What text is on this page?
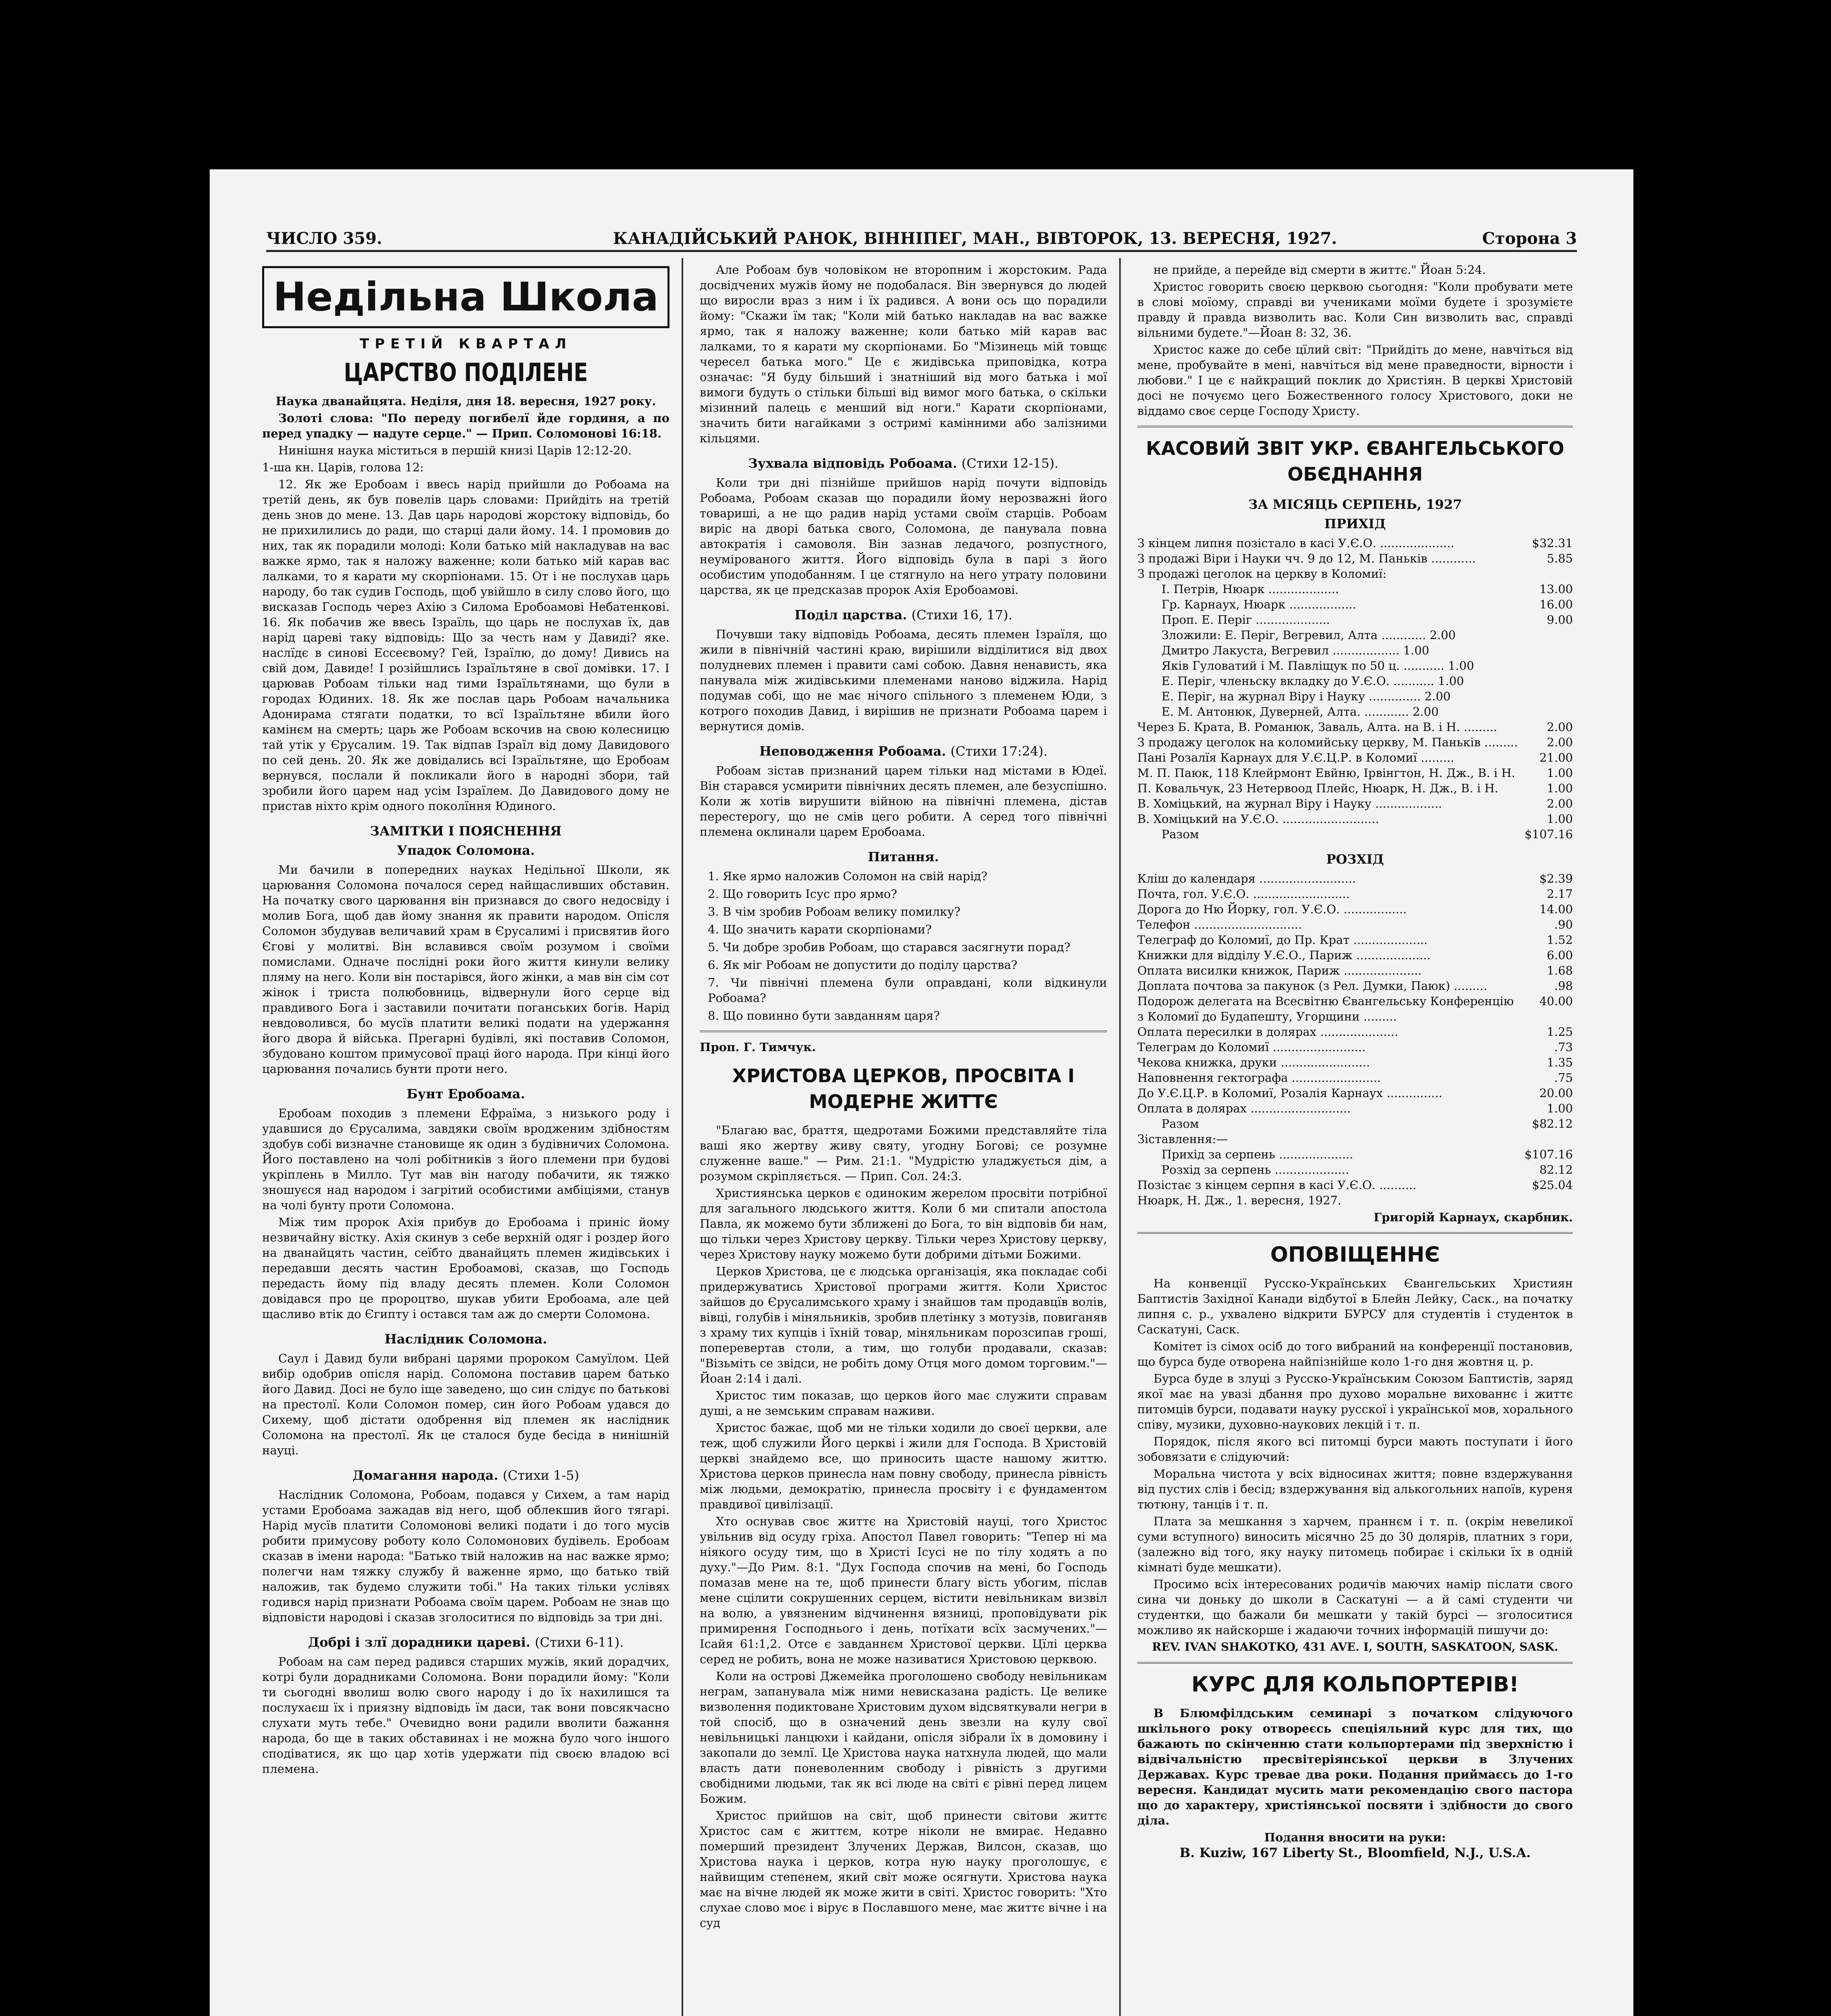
ЧИСЛО 359.	КАНАДІЙСЬКИЙ РАНОК, ВІННІПЕГ, МАН., ВІВТОРОК, 13. ВЕРЕСНЯ, 1927.	Сторона 3
Недільна Школа
ТРЕТІЙ КВАРТАЛ
ЦАРСТВО ПОДІЛЕНЕ

Наука дванайцята. Неділя, дня 18. вересня, 1927 року.

Золоті слова: "По переду погибелї йде гординя, а по перед упадку — надуте серце." — Прип. Соломонові 16:18.

Нинішня наука міститься в першій книзі Царів 12:12-20.

1-ша кн. Царів, голова 12:

12. Як же Еробоам і ввесь нарід прийшли до Робоама на третій день, як був повелів царь словами: Прийдіть на третій день знов до мене. 13. Дав царь народові жорстоку відповідь, бо не прихилились до ради, що старці дали йому. 14. І промовив до них, так як порадили молоді: Коли батько мій накладував на вас важке ярмо, так я наложу важенне; коли батько мій карав вас лалками, то я карати му скорпіонами. 15. От і не послухав царь народу, бо так судив Господь, щоб увійшло в силу слово його, що висказав Господь через Ахію з Силома Еробоамові Небатенкові. 16. Як побачив же ввесь Ізраїль, що царь не послухав їх, дав нарід цареві таку відповідь: Що за честь нам у Давиді? яке. наслїдє в синові Ессеєвому? Гей, Ізраїлю, до дому! Дивись на свій дом, Давиде! І розійшлись Ізраїльтяне в свої домівки. 17. І царював Робоам тільки над тими Ізраїльтянами, що були в городах Юдиних. 18. Як же послав царь Робоам начальника Адонирама стягати податки, то всї Ізраїльтяне вбили його камінєм на смерть; царь же Робоам вскочив на свою колесницю тай утік у Єрусалим. 19. Так відпав Ізраїл від дому Давидового по сей день. 20. Як же довідались всі Ізраїльтяне, що Еробоам вернувся, послали й покликали його в народні збори, тай зробили його царем над усім Ізраїлем. До Давидового дому не пристав ніхто крім одного поколїння Юдиного.

ЗАМІТКИ І ПОЯСНЕННЯ
Упадок Соломона.

Ми бачили в попередних науках Недільної Школи, як царювання Соломона почалося серед найщасливших обставин. На початку свого царювання він признався до свого недосвіду і молив Бога, щоб дав йому знання як правити народом. Опісля Соломон збудував величавий храм в Єрусалимі і присвятив його Єгові у молитві. Він вславився своїм розумом і своїми помислами. Одначе послідні роки його життя кинули велику пляму на него. Коли він постарівся, його жінки, а мав він сім сот жінок і триста полюбовниць, відвернули його серце від правдивого Бога і заставили почитати поганських богів. Нарід невдоволився, бо мусїв платити великі подати на удержання його двора й війська. Прегарні будівлі, які поставив Соломон, збудовано коштом примусової праці його народа. При кінці його царювання почались бунти проти него.

Бунт Еробоама.

Еробоам походив з племени Ефраїма, з низького роду і удавшися до Єрусалима, завдяки своїм вродженим здібностям здобув собі визначне становище як один з будівничих Соломона. Його поставлено на чолі робітників з його племени при будові укріплень в Милло. Тут мав він нагоду побачити, як тяжко зношуєся над народом і загрітий особистими амбіціями, станув на чолі бунту проти Соломона.

Між тим пророк Ахія прибув до Еробоама і приніс йому незвичайну вістку. Ахія скинув з себе верхній одяг і роздер його на дванайцять частин, сеїбто дванайцять племен жидівських і передавши десять частин Еробоамові, сказав, що Господь передасть йому під владу десять племен. Коли Соломон довідався про це пророцтво, шукав убити Еробоама, але цей щасливо втік до Єгипту і остався там аж до смерти Соломона.

Наслідник Соломона.

Саул і Давид були вибрані царями пророком Самуїлом. Цей вибір одобрив опісля нарід. Соломона поставив царем батько його Давид. Досі не було іще заведено, що син слідує по батькові на престолї. Коли Соломон помер, син його Робоам удався до Сихему, щоб дістати одобрення від племен як наслідник Соломона на престолї. Як це сталося буде бесіда в нинішній науці.

Домагання народа. (Стихи 1-5)

Наслідник Соломона, Робоам, подався у Сихем, а там нарід устами Еробоама зажадав від него, щоб облекшив його тягарі. Нарід мусїв платити Соломонові великі подати і до того мусів робити примусову роботу коло Соломонових будівель. Еробоам сказав в імени народа: "Батько твій наложив на нас важке ярмо; полегчи нам тяжку службу й важенне ярмо, що батько твій наложив, так будемо служити тобі." На таких тільки услівях годився нарід признати Робоама своїм царем. Робоам не знав що відповісти народові і сказав зголоситися по відповідь за три дні.

Добрі і злї дорадники цареві. (Стихи 6-11).

Робоам на сам перед радився старших мужів, який дорадчих, котрі були дорадниками Соломона. Вони порадили йому: "Коли ти сьогодні вволиш волю свого народу і до їх нахилишся та послухаєш їх і приязну відповідь їм даси, так вони повсякчасно слухати муть тебе." Очевидно вони радили вволити бажання народа, бо ще в таких обставинах і не можна було чого іншого сподіватися, як що цар хотів удержати під своєю владою всі племена.

Але Робоам був чоловіком не второпним і жорстоким. Рада досвідчених мужів йому не подобалася. Він звернувся до людей що виросли враз з ним і їх радився. А вони ось що порадили йому: "Скажи їм так; "Коли мій батько накладав на вас важке ярмо, так я наложу важенне; коли батько мій карав вас лалками, то я карати му скорпіонами. Бо "Мізинець мій товщє чересел батька мого." Це є жидівська приповідка, котра означає: "Я буду більший і знатніший від мого батька і мої вимоги будуть о стільки більші від вимог мого батька, о скільки мізинний палець є менший від ноги." Карати скорпіонами, значить бити нагайками з остримі камінними або залізними кільцями.

Зухвала відповідь Робоама. (Стихи 12-15).

Коли три дні пізнійше прийшов нарід почути відповідь Робоама, Робоам сказав що порадили йому нерозважні його товариші, а не що радив нарід устами своїм старців. Робоам виріс на дворі батька свого, Соломона, де панувала повна автократія і самоволя. Він зазнав ледачого, розпустного, неумірованого життя. Його відповідь була в парі з його особистим уподобанням. І це стягнуло на него утрату половини царства, як це предсказав пророк Ахія Еробоамові.

Поділ царства. (Стихи 16, 17).

Почувши таку відповідь Робоама, десять племен Ізраїля, що жили в північній частині краю, вирішили відділитися від двох полудневих племен і правити самі собою. Давня ненависть, яка панувала між жидівськими племенами наново віджила. Нарід подумав собі, що не має нічого спільного з племенем Юди, з котрого походив Давид, і вирішив не признати Робоама царем і вернутися домів.

Неповодження Робоама. (Стихи 17:24).

Робоам зістав признаний царем тільки над містами в Юдеї. Він старався усмирити північних десять племен, але безуспішно. Коли ж хотів вирушити війною на північні племена, дістав перестерогу, що не смів цего робити. А серед того північні племена оклинали царем Еробоама.

Питання.

1. Яке ярмо наложив Соломон на свій нарід?

2. Що говорить Ісус про ярмо?

3. В чім зробив Робоам велику помилку?

4. Що значить карати скорпіонами?

5. Чи добре зробив Робоам, що старався засягнути порад?

6. Як міг Робоам не допустити до поділу царства?

7. Чи північні племена були оправдані, коли відкинули Робоама?

8. Що повинно бути завданням царя?

Проп. Г. Тимчук.

ХРИСТОВА ЦЕРКОВ, ПРОСВІТА І МОДЕРНЕ ЖИТТЄ

"Благаю вас, браття, щедротами Божими представляйте тіла ваші яко жертву живу святу, угодну Богові; се розумне служенне ваше." — Рим. 21:1. "Мудрістю уладжується дім, а розумом скріпляється. — Прип. Сол. 24:3.

Християнська церков є одиноким жерелом просвіти потрібної для загального людського життя. Коли б ми спитали апостола Павла, як можемо бути зближені до Бога, то він відповів би нам, що тільки через Христову церкву. Тільки через Христову церкву, через Христову науку можемо бути добрими дітьми Божими.

Церков Христова, це є людська організація, яка покладає собі придержуватись Христової програми життя. Коли Христос зайшов до Єрусалимського храму і знайшов там продавцїв волів, вівці, голубів і міняльників, зробив плетінку з мотузів, повиганяв з храму тих купців і їхній товар, міняльникам порозсипав гроші, поперевертав столи, а тим, що голуби продавали, сказав: "Візьміть се звідси, не робіть дому Отця мого домом торговим."—Йоан 2:14 і далі.

Христос тим показав, що церков його має служити справам душі, а не земським справам наживи.

Христос бажає, щоб ми не тільки ходили до своєї церкви, але теж, щоб служили Його церкві і жили для Господа. В Христовій церкві знайдемо все, що приносить щасте нашому життю. Христова церков принесла нам повну свободу, принесла рівність між людьми, демократію, принесла просвіту і є фундаментом правдивої цивілізації.

Хто оснував своє життє на Христовій науці, того Христос увільнив від осуду гріха. Апостол Павел говорить: "Тепер ні ма ніякого осуду тим, що в Христі Ісусі не по тілу ходять а по духу."—До Рим. 8:1. "Дух Господа спочив на мені, бо Господь помазав мене на те, щоб принести благу вість убогим, післав мене сцілити сокрушенних серцем, вістити невільникам визвіл на волю, а увязненим відчинення вязниці, проповідувати рік примирення Господнього і день, потїхати всїх засмучених."—Ісайя 61:1,2. Отсе є завданнєм Христової церкви. Цїлі церква серед не робить, вона не може називатися Христовою церквою.

Коли на острові Джемейка проголошено свободу невільникам неграм, запанувала між ними невисказана радість. Це велике визволення подиктоване Христовим духом відсвяткували негри в той спосіб, що в означений день звезли на кулу свої невільницькі ланцюхи і кайдани, опісля зібрали їх в домовину і закопали до землї. Це Христова наука натхнула людей, що мали власть дати поневоленним свободу і рівність з другими свобідними людьми, так як всі люде на світі є рівні перед лицем Божим.

Христос прийшов на світ, щоб принести світови життє Христос сам є життєм, котре ніколи не вмирає. Недавно померший президент Злучених Держав, Вилсон, сказав, що Христова наука і церков, котра ную науку проголошує, є найвищим степенем, який світ може осягнути. Христова наука має на вічне людей як може жити в світі. Христос говорить: "Хто слухае слово моє і вірує в Пославшого мене, має життє вічне і на суд

не прийде, а перейде від смерти в життє." Йоан 5:24.

Христос говорить своєю церквою сьогодня: "Коли пробувати мете в слові моїому, справді ви учениками моїми будете і зрозумієте правду й правда визволить вас. Коли Син визволить вас, справді вільними будете."—Йоан 8: 32, 36.

Христос каже до себе цїлий світ: "Прийдіть до мене, навчіться від мене, пробувайте в мені, навчіться від мене праведности, вірности і любови." І це є найкращий поклик до Христіян. В церкві Христовій досі не почуємо цего Божественного голосу Христового, доки не віддамо своє серце Господу Христу.

КАСОВИЙ ЗВІТ УКР. ЄВАНГЕЛЬСЬКОГО ОБЄДНАННЯ
ЗА МІСЯЦЬ СЕРПЕНЬ, 1927
ПРИХІД
З кінцем липня позістало в касі У.Є.О. ....................	$32.31
З продажі Віри і Науки чч. 9 до 12, М. Паньків ............	5.85
З продажі цеголок на церкву в Коломиї:
І. Петрів, Нюарк ...................	13.00
Гр. Карнаух, Нюарк ..................	16.00
Проп. Е. Періг ....................	9.00
Зложили: Е. Періг, Вегревил, Алта ............ 2.00
Дмитро Лакуста, Вегревил .................. 1.00
Яків Гуловатий і М. Павліщук по 50 ц. ........... 1.00
Е. Періг, членьску вкладку до У.Є.О. ........... 1.00
Е. Періг, на журнал Віру і Науку .............. 2.00
Е. М. Антонюк, Дуверней, Алта. ............ 2.00
Через Б. Крата, В. Романюк, Заваль, Алта. на В. і Н. .........	2.00
З продажу цеголок на коломийську церкву, М. Паньків .........	2.00
Пані Розалїя Карнаух для У.Є.Ц.Р. в Коломиї .........	21.00
М. П. Паюк, 118 Клейрмонт Евйню, Ірвінгтон, Н. Дж., В. і Н.	1.00
П. Ковальчук, 23 Нетервоод Плейс, Нюарк, Н. Дж., В. і Н.	1.00
В. Хоміцький, на журнал Віру і Науку ..................	2.00
В. Хоміцький на У.Є.О. ..........................	1.00
Разом	$107.16
РОЗХІД
Кліш до календаря ..........................	$2.39
Почта, гол. У.Є.О. ..........................	2.17
Дорога до Ню Йорку, гол. У.Є.О. .................	14.00
Телефон .............................	.90
Телеграф до Коломиї, до Пр. Крат ....................	1.52
Книжки для відділу У.Є.О., Париж ....................	6.00
Оплата висилки книжок, Париж .....................	1.68
Доплата почтова за пакунок (з Рел. Думки, Паюк) .........	.98
Подорож делегата на Всесвітню Євангельську Конференцію з Коломиї до Будапешту, Угорщини .........
40.00
Оплата пересилки в долярах .....................	1.25
Телеграм до Коломиї .........................	.73
Чекова книжка, друки ........................	1.35
Наповнення гектографа ........................	.75
До У.Є.Ц.Р. в Коломиї, Розалія Карнаух ...............	20.00
Оплата в долярах ...........................	1.00
Разом	$82.12
Зіставлення:—
Прихід за серпень ....................	$107.16
Розхід за серпень ....................	82.12
Позістає з кінцем серпня в касі У.Є.О. ..........	$25.04

Нюарк, Н. Дж., 1. вересня, 1927.

Григорій Карнаух, скарбник.

ОПОВІЩЕННЄ

На конвенції Русско-Українських Євангельських Християн Баптистів Західної Канади відбутої в Блейн Лейку, Саск., на початку липня с. р., ухвалено відкрити БУРСУ для студентів і студенток в Саскатуні, Саск.

Комітет із сімох осіб до того вибраний на конференції постановив, що бурса буде отворена найпізнійше коло 1-го дня жовтня ц. р.

Бурса буде в злуці з Русско-Українським Союзом Баптистів, заряд якої має на увазі дбання про духово моральне вихованнє і життє питомців бурси, подавати науку русскої і української мов, хорального співу, музики, духовно-наукових лекцій і т. п.

Порядок, після якого всі питомці бурси мають поступати і його зобовязати є слідуючий:

Моральна чистота у всіх відносинах життя; повне вздержування від пустих слів і бесід; вздержування від алькогольних напоїв, куреня тютюну, танців і т. п.

Плата за мешкання з харчем, праннєм і т. п. (окрім невеликої суми вступного) виносить місячно 25 до 30 долярів, платних з гори, (залежно від того, яку науку питомець побирає і скільки їх в одній кімнаті буде мешкати).

Просимо всіх інтересованих родичів маючих намір післати свого сина чи доньку до школи в Саскатуні — а й самі студенти чи студентки, що бажали би мешкати у такій бурсі — зголоситися можливо як найскорше і жадаючи точних інформацій пишучи до:

REV. IVAN SHAKOTKO, 431 AVE. I, SOUTH, SASKATOON, SASK.
КУРС ДЛЯ КОЛЬПОРТЕРІВ!

В Блюмфілдським семинарі з початком слідуючого шкільного року отвореєсь спеціяльний курс для тих, що бажають по скінченню стати кольпортерами під зверхністю і відвічальністю пресвітеріянської церкви в Злучених Державах. Курс тревае два роки. Подання приймаєсь до 1-го вересня. Кандидат мусить мати рекомендацію свого пастора що до характеру, христіянської посвяти і здібности до свого діла.

Подання вносити на руки:
B. Kuziw, 167 Liberty St., Bloomfield, N.J., U.S.A.
